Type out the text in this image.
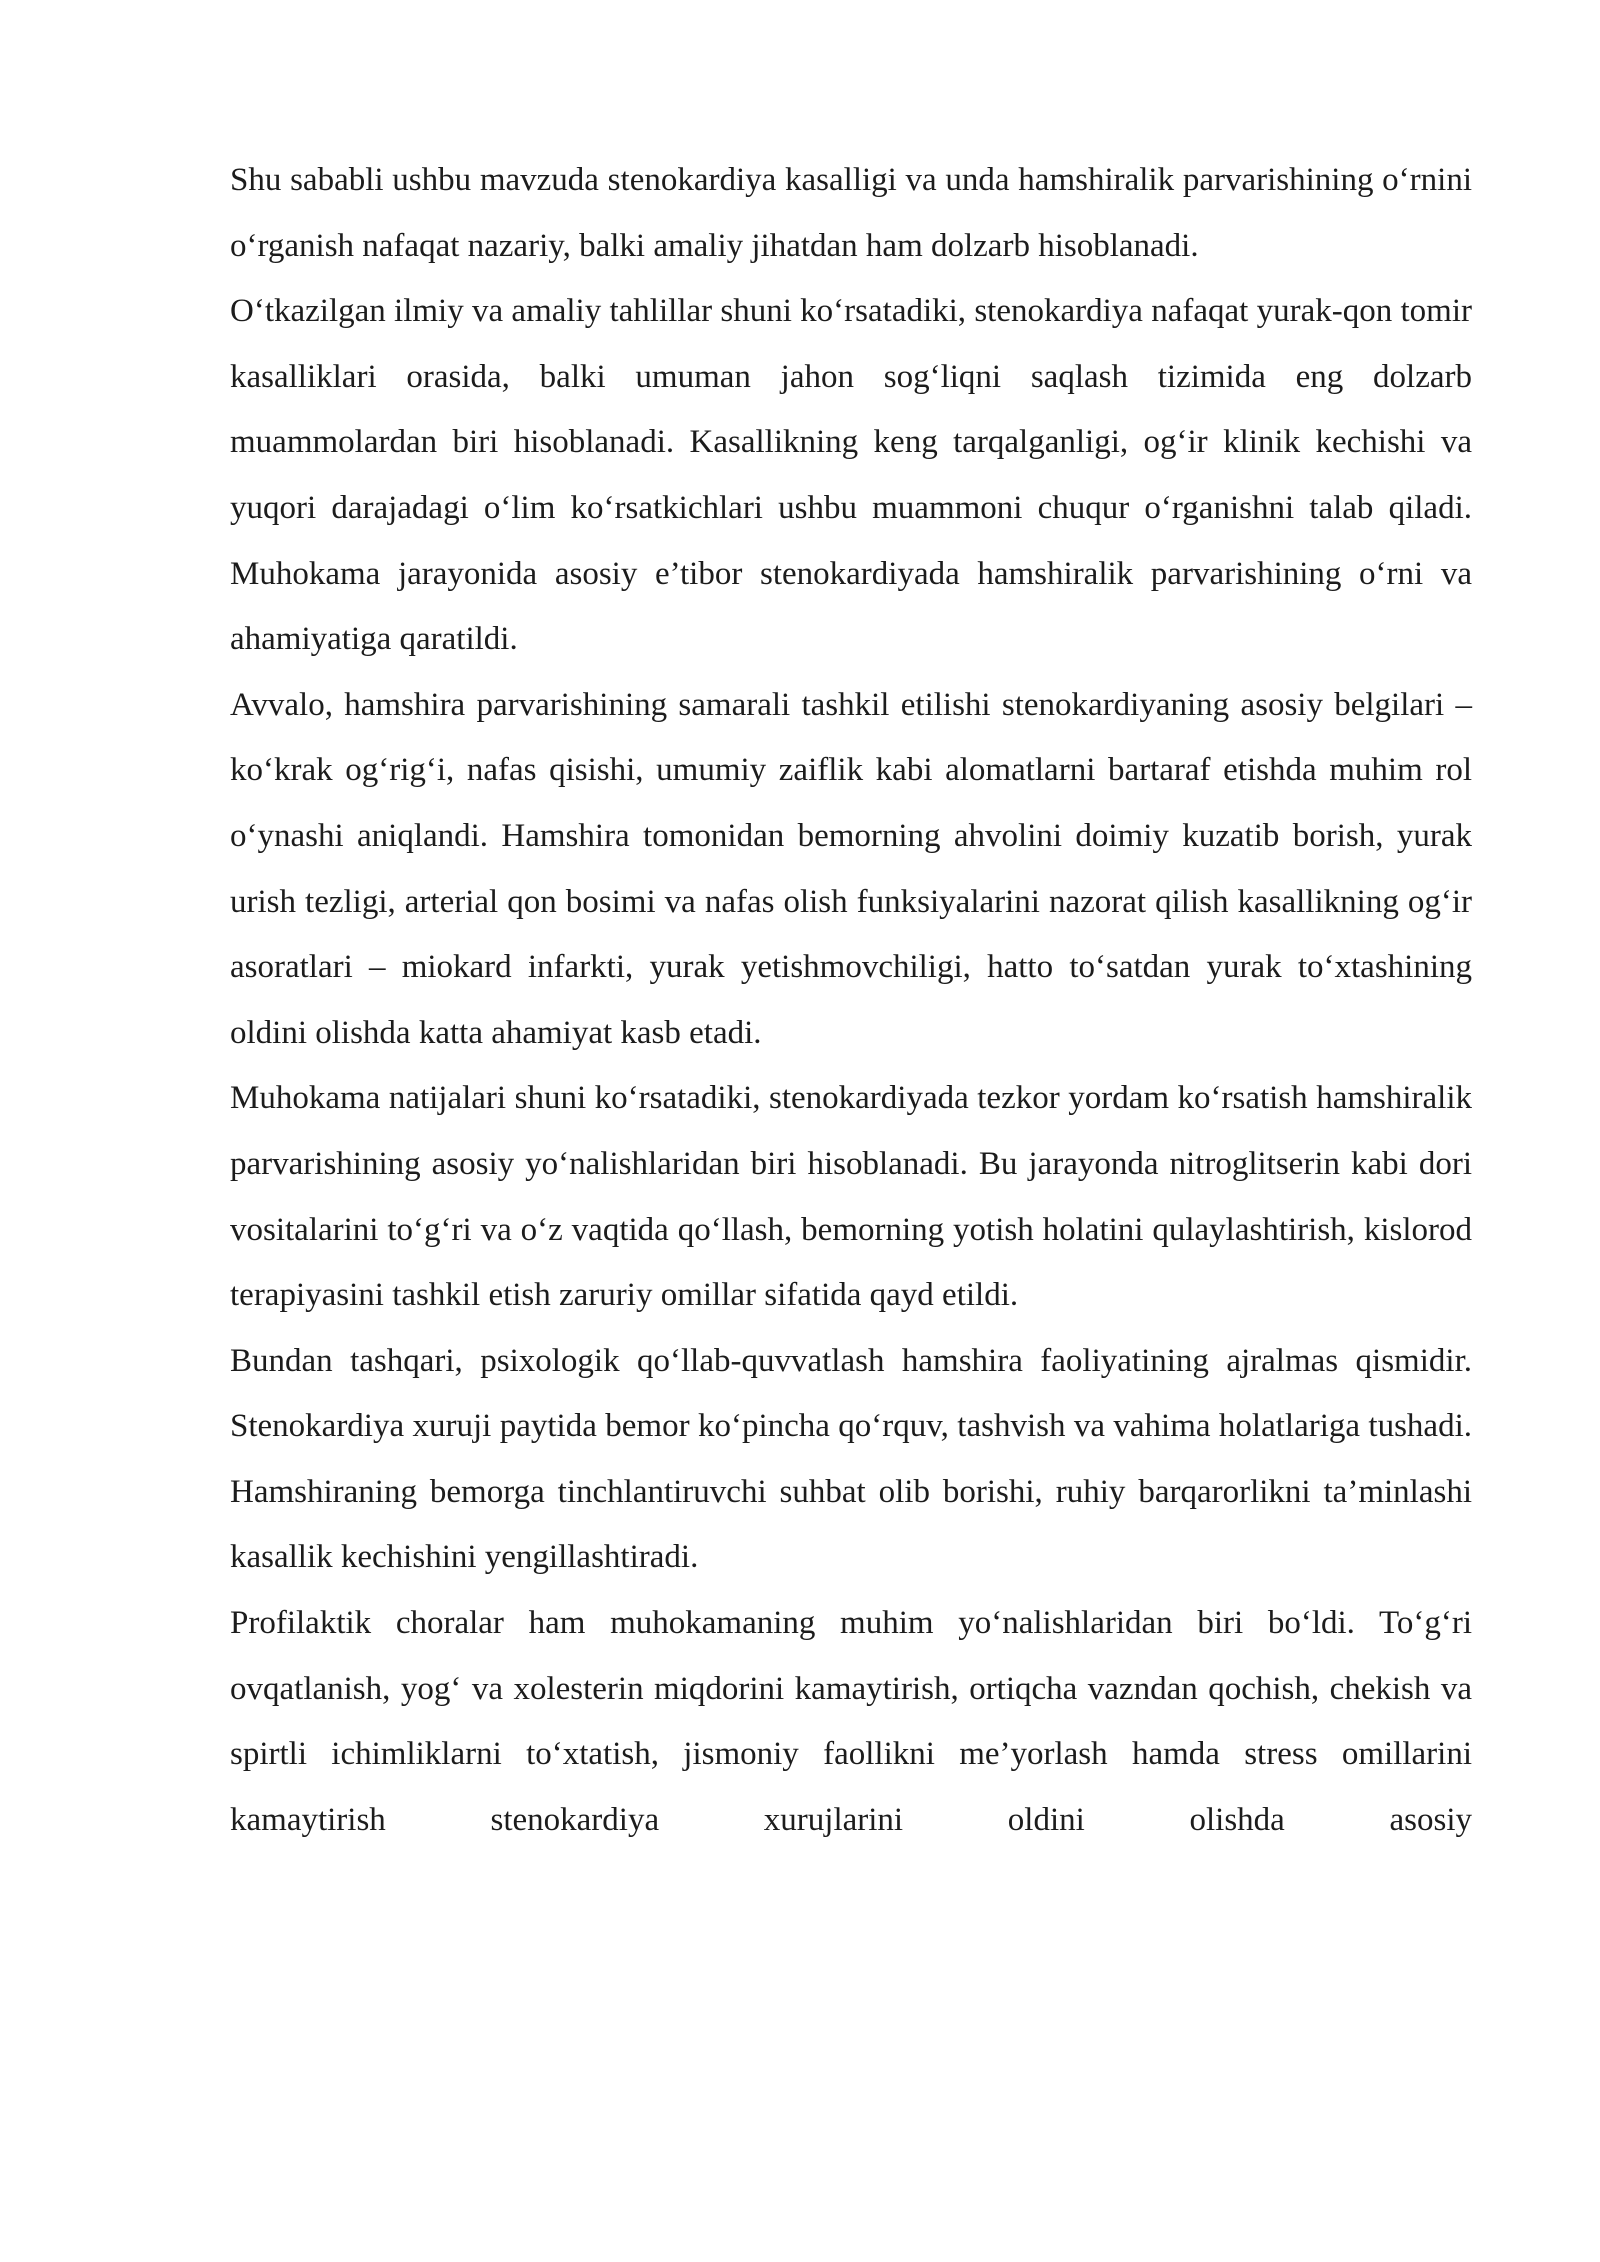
Shu sababli ushbu mavzuda stenokardiya kasalligi va unda hamshiralik parvarishining o‘rnini o‘rganish nafaqat nazariy, balki amaliy jihatdan ham dolzarb hisoblanadi.

O‘tkazilgan ilmiy va amaliy tahlillar shuni ko‘rsatadiki, stenokardiya nafaqat yurak-qon tomir kasalliklari orasida, balki umuman jahon sog‘liqni saqlash tizimida eng dolzarb muammolardan biri hisoblanadi. Kasallikning keng tarqalganligi, og‘ir klinik kechishi va yuqori darajadagi o‘lim ko‘rsatkichlari ushbu muammoni chuqur o‘rganishni talab qiladi. Muhokama jarayonida asosiy e’tibor stenokardiyada hamshiralik parvarishining o‘rni va ahamiyatiga qaratildi.

Avvalo, hamshira parvarishining samarali tashkil etilishi stenokardiyaning asosiy belgilari – ko‘krak og‘rig‘i, nafas qisishi, umumiy zaiflik kabi alomatlarni bartaraf etishda muhim rol o‘ynashi aniqlandi. Hamshira tomonidan bemorning ahvolini doimiy kuzatib borish, yurak urish tezligi, arterial qon bosimi va nafas olish funksiyalarini nazorat qilish kasallikning og‘ir asoratlari – miokard infarkti, yurak yetishmovchiligi, hatto to‘satdan yurak to‘xtashining oldini olishda katta ahamiyat kasb etadi.

Muhokama natijalari shuni ko‘rsatadiki, stenokardiyada tezkor yordam ko‘rsatish hamshiralik parvarishining asosiy yo‘nalishlaridan biri hisoblanadi. Bu jarayonda nitroglitserin kabi dori vositalarini to‘g‘ri va o‘z vaqtida qo‘llash, bemorning yotish holatini qulaylashtirish, kislorod terapiyasini tashkil etish zaruriy omillar sifatida qayd etildi.

Bundan tashqari, psixologik qo‘llab-quvvatlash hamshira faoliyatining ajralmas qismidir. Stenokardiya xuruji paytida bemor ko‘pincha qo‘rquv, tashvish va vahima holatlariga tushadi. Hamshiraning bemorga tinchlantiruvchi suhbat olib borishi, ruhiy barqarorlikni ta’minlashi kasallik kechishini yengillashtiradi.

Profilaktik choralar ham muhokamaning muhim yo‘nalishlaridan biri bo‘ldi. To‘g‘ri ovqatlanish, yog‘ va xolesterin miqdorini kamaytirish, ortiqcha vazndan qochish, chekish va spirtli ichimliklarni to‘xtatish, jismoniy faollikni me’yorlash hamda stress omillarini kamaytirish stenokardiya xurujlarini oldini olishda asosiy
